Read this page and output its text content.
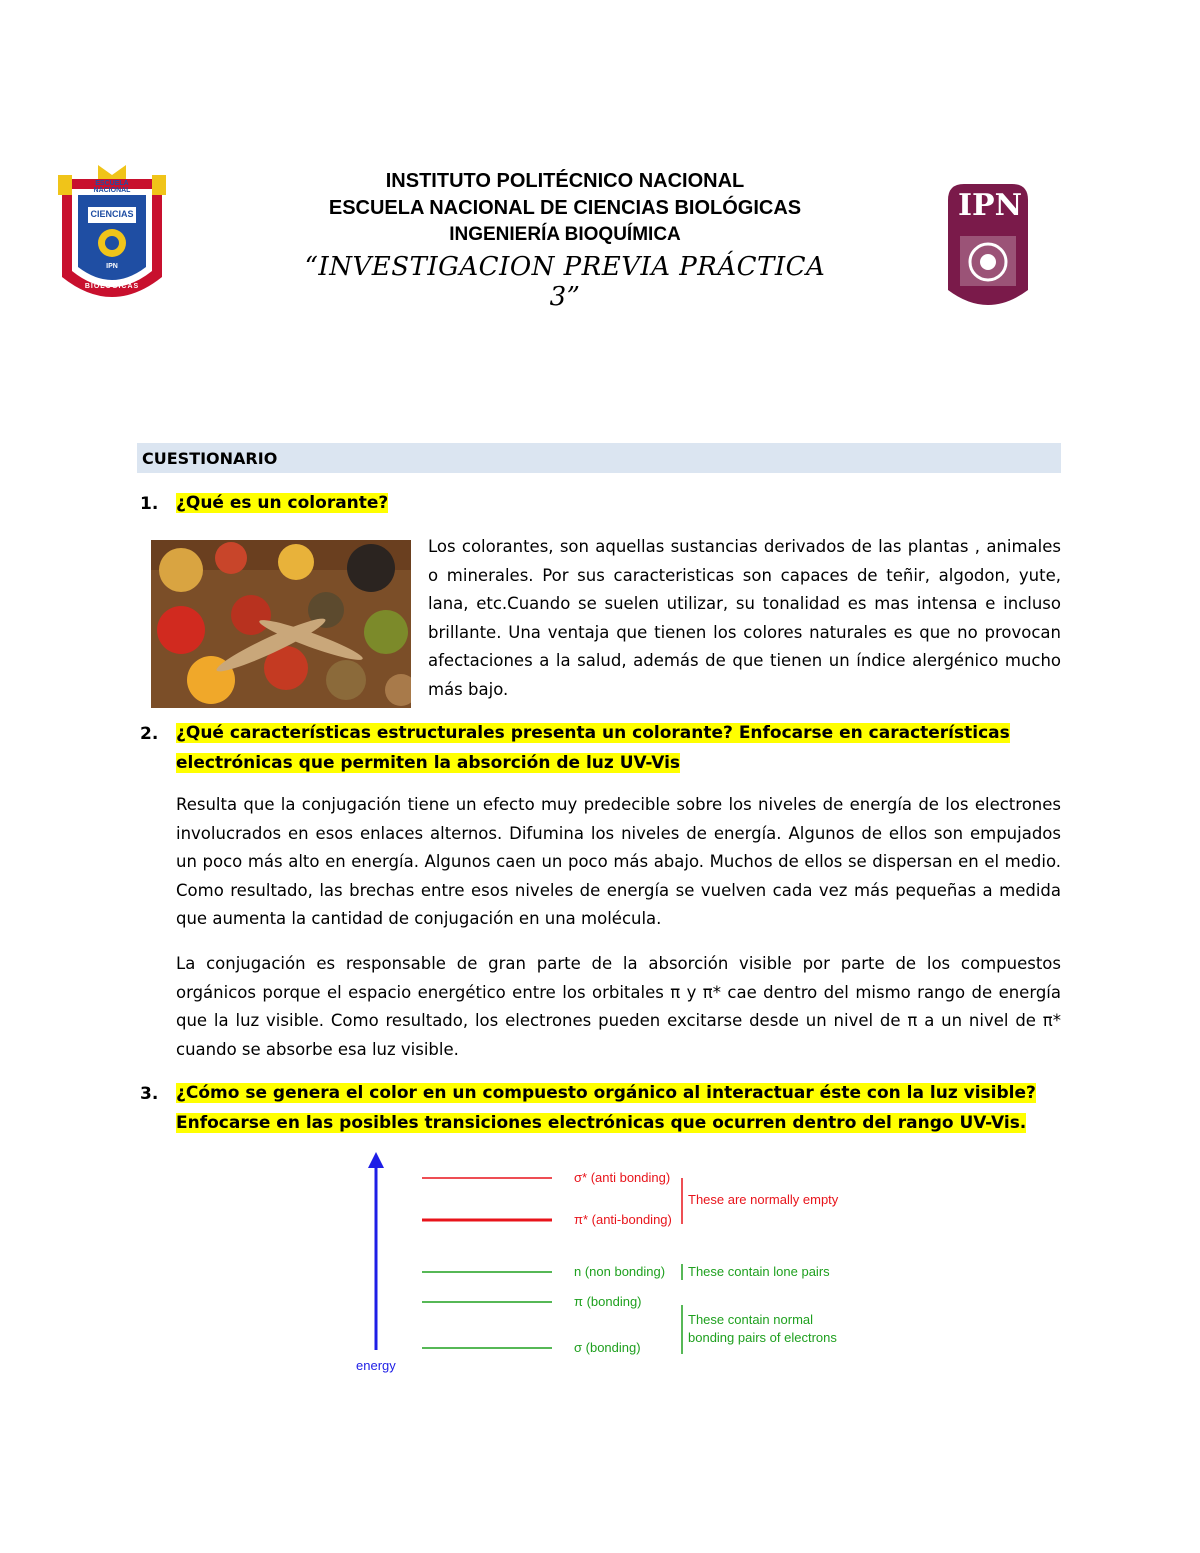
ESCUELA NACIONAL
CIENCIAS
BIOLOGICAS
IPN
IPN
INSTITUTO POLITÉCNICO NACIONAL
ESCUELA NACIONAL DE CIENCIAS BIOLÓGICAS
INGENIERÍA BIOQUÍMICA
“INVESTIGACION PREVIA PRÁCTICA 3”
CUESTIONARIO
1. ¿Qué es un colorante?

Los colorantes, son aquellas sustancias derivados de las plantas , animales o minerales. Por sus caracteristicas son capaces de teñir, algodon, yute, lana, etc.Cuando se suelen utilizar, su tonalidad es mas intensa e incluso brillante. Una ventaja que tienen los colores naturales es que no provocan afectaciones a la salud, además de que tienen un índice alergénico mucho más bajo.

2. ¿Qué características estructurales presenta un colorante? Enfocarse en características electrónicas que permiten la absorción de luz UV-Vis

Resulta que la conjugación tiene un efecto muy predecible sobre los niveles de energía de los electrones involucrados en esos enlaces alternos. Difumina los niveles de energía. Algunos de ellos son empujados un poco más alto en energía. Algunos caen un poco más abajo. Muchos de ellos se dispersan en el medio. Como resultado, las brechas entre esos niveles de energía se vuelven cada vez más pequeñas a medida que aumenta la cantidad de conjugación en una molécula.

La conjugación es responsable de gran parte de la absorción visible por parte de los compuestos orgánicos porque el espacio energético entre los orbitales π y π* cae dentro del mismo rango de energía que la luz visible. Como resultado, los electrones pueden excitarse desde un nivel de π a un nivel de π* cuando se absorbe esa luz visible.

3. ¿Cómo se genera el color en un compuesto orgánico al interactuar éste con la luz visible? Enfocarse en las posibles transiciones electrónicas que ocurren dentro del rango UV-Vis.
energy
σ* (anti bonding)
π* (anti-bonding)
n (non bonding)
π (bonding)
σ (bonding)
These are normally empty
These contain lone pairs
These contain normal
bonding pairs of electrons
